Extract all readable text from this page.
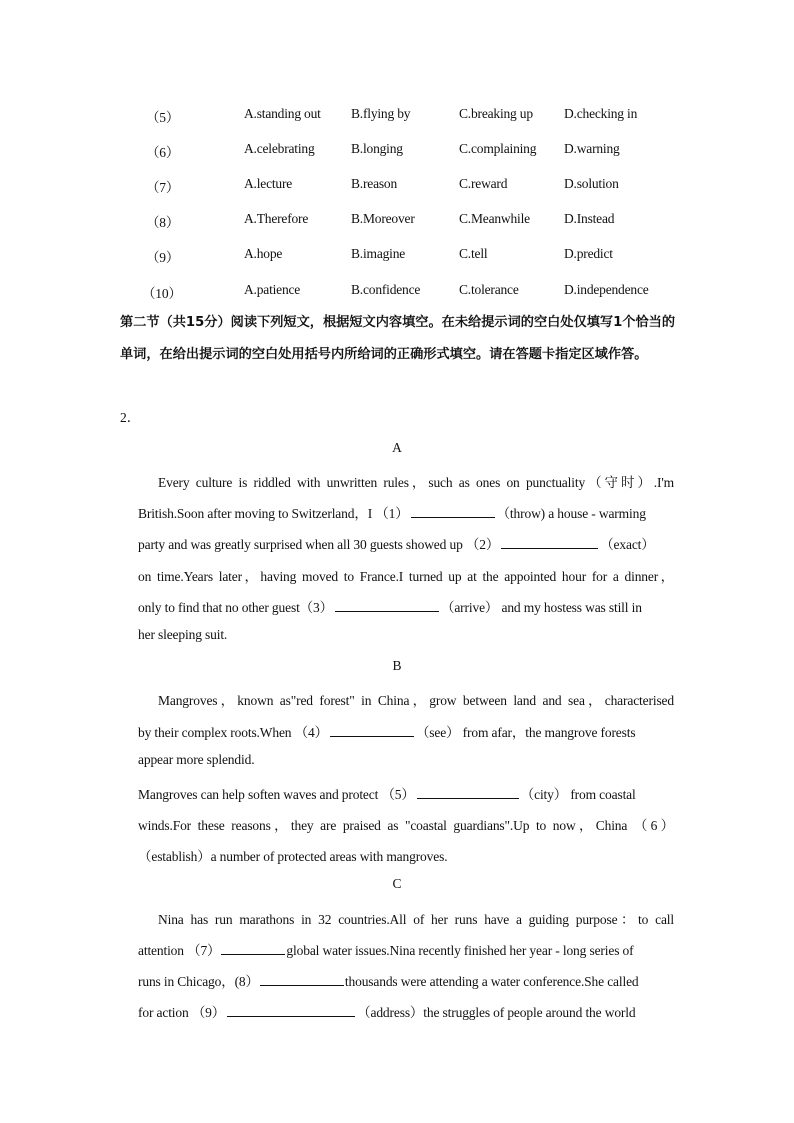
（5）	A.standing out B.flying by	C.breaking up D.checking in
（6）	A.celebrating	B.longing	C.complaining D.warning
（7）	A.lecture	B.reason	C.reward	D.solution
（8）	A.Therefore	B.Moreover	C.Meanwhile	D.Instead
（9）	A.hope	B.imagine	C.tell	D.predict
（10）	A.patience	B.confidence	C.tolerance	D.independence

第二节（共15分）阅读下列短文，根据短文内容填空。在未给提示词的空白处仅填写1个恰当的单词，在给出提示词的空白处用括号内所给词的正确形式填空。请在答题卡指定区域作答。

2．
A
Every culture is riddled with unwritten rules，such as ones on punctuality（守时）.I'm
British.Soon after moving to Switzerland，I （1）	（throw) a house - warming
party and was greatly surprised when all 30 guests showed up （2）	（exact）
on time.Years later，having moved to France.I turned up at the appointed hour for a dinner，
only to find that no other guest（3）	（arrive） and my hostess was still in
her sleeping suit.
B
Mangroves，known as"red forest" in China，grow between land and sea，characterised
by their complex roots.When （4）	（see） from afar，the mangrove forests
appear more splendid.
Mangroves can help soften waves and protect （5）	（city） from coastal
winds.For these reasons，they are praised as "coastal guardians".Up to now，China （6）
（establish）a number of protected areas with mangroves.
C
Nina has run marathons in 32 countries.All of her runs have a guiding purpose：to call
attention （7）	global water issues.Nina recently finished her year - long series of
runs in Chicago，(8）	thousands were attending a water conference.She called
for action （9）	（address）the struggles of people around the world
